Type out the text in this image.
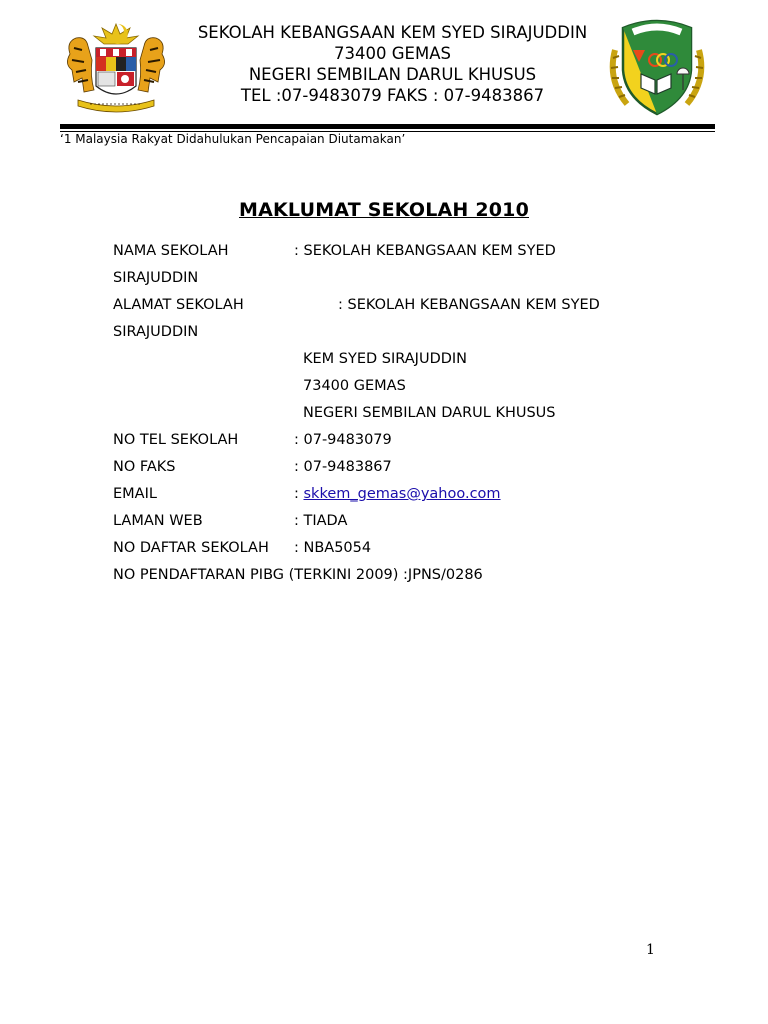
SEKOLAH KEBANGSAAN KEM SYED SIRAJUDDIN
73400 GEMAS
NEGERI SEMBILAN DARUL KHUSUS
TEL :07-9483079 FAKS : 07-9483867
‘1 Malaysia Rakyat Didahulukan Pencapaian Diutamakan’
MAKLUMAT SEKOLAH 2010
NAMA SEKOLAH	: SEKOLAH KEBANGSAAN KEM SYED
SIRAJUDDIN
ALAMAT SEKOLAH	: SEKOLAH KEBANGSAAN KEM SYED
SIRAJUDDIN
KEM SYED SIRAJUDDIN
73400 GEMAS
NEGERI SEMBILAN DARUL KHUSUS
NO TEL SEKOLAH	: 07-9483079
NO FAKS	: 07-9483867
EMAIL	: skkem_gemas@yahoo.com
LAMAN WEB	: TIADA
NO DAFTAR SEKOLAH : NBA5054
NO PENDAFTARAN PIBG (TERKINI 2009) :JPNS/0286
1
